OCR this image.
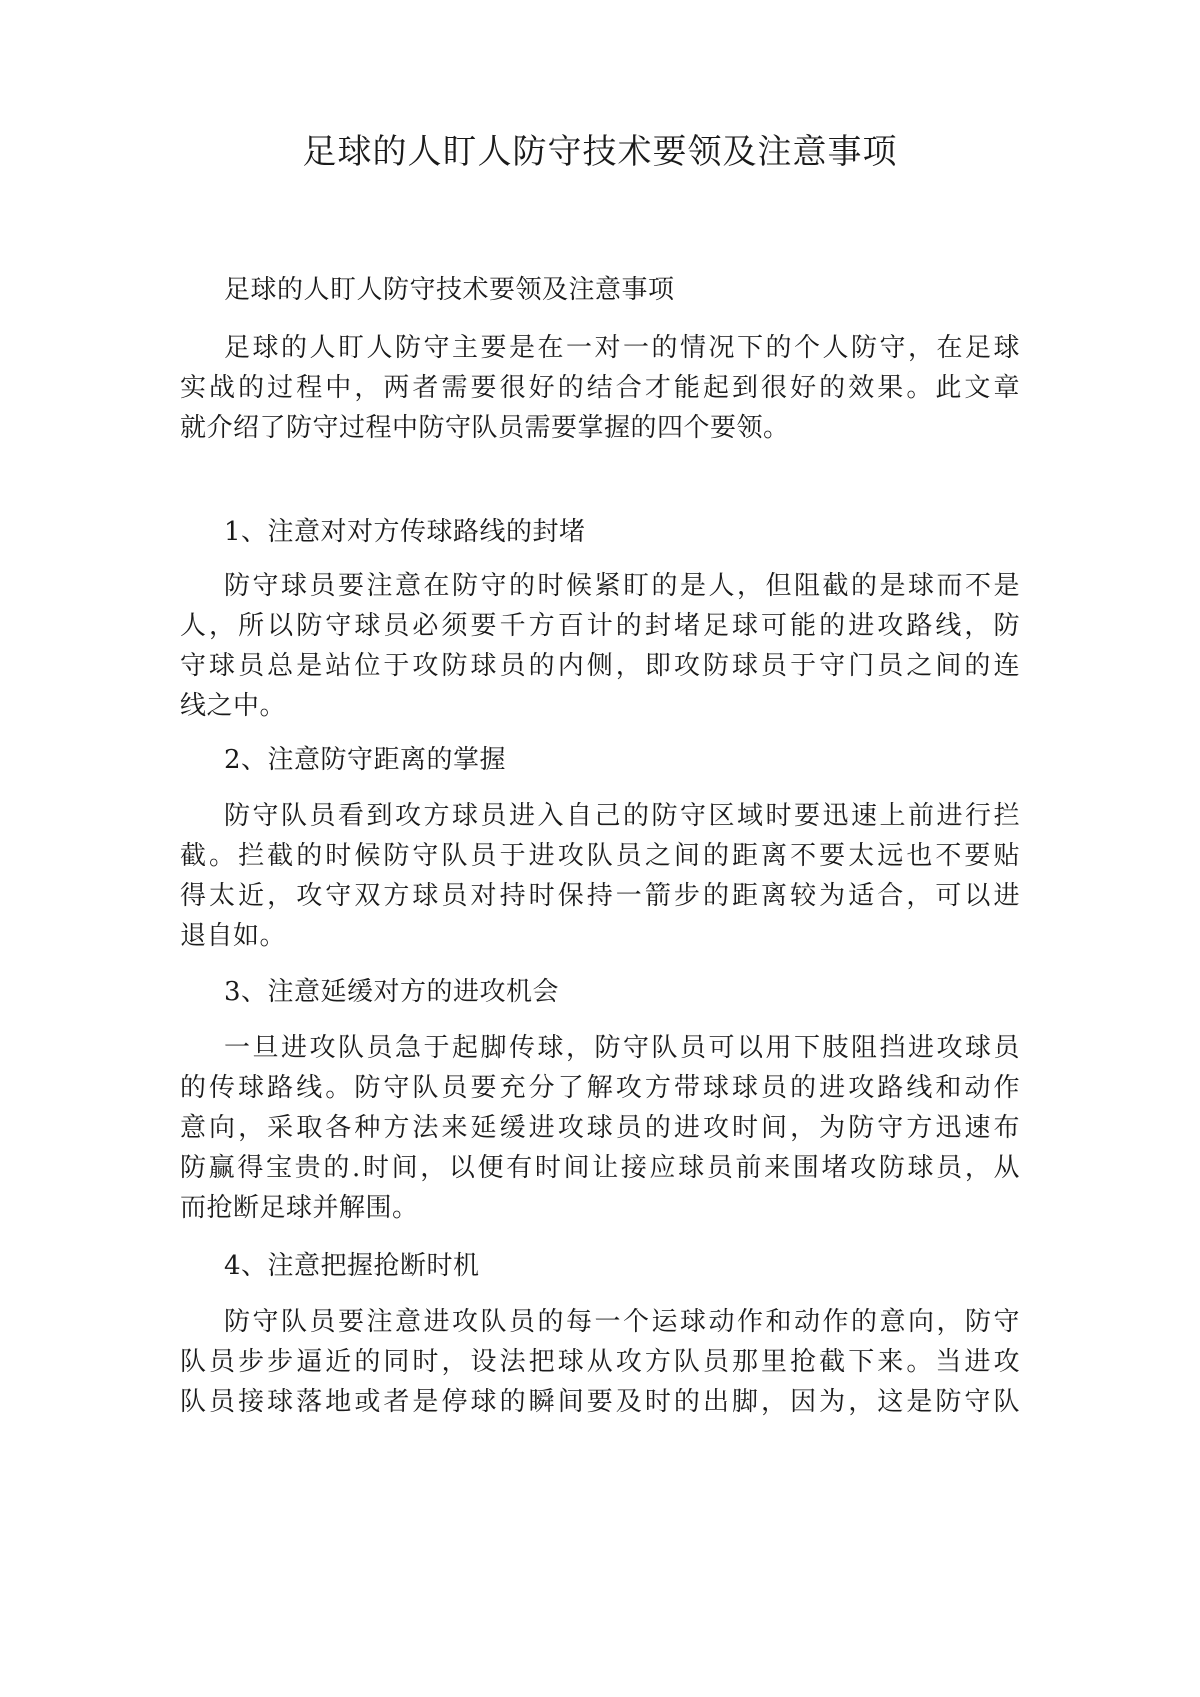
足球的人盯人防守技术要领及注意事项
足球的人盯人防守技术要领及注意事项
足球的人盯人防守主要是在一对一的情况下的个人防守，在足球
实战的过程中，两者需要很好的结合才能起到很好的效果。此文章
就介绍了防守过程中防守队员需要掌握的四个要领。
1、注意对对方传球路线的封堵
防守球员要注意在防守的时候紧盯的是人，但阻截的是球而不是
人，所以防守球员必须要千方百计的封堵足球可能的进攻路线，防
守球员总是站位于攻防球员的内侧，即攻防球员于守门员之间的连
线之中。
2、注意防守距离的掌握
防守队员看到攻方球员进入自己的防守区域时要迅速上前进行拦
截。拦截的时候防守队员于进攻队员之间的距离不要太远也不要贴
得太近，攻守双方球员对持时保持一箭步的距离较为适合，可以进
退自如。
3、注意延缓对方的进攻机会
一旦进攻队员急于起脚传球，防守队员可以用下肢阻挡进攻球员
的传球路线。防守队员要充分了解攻方带球球员的进攻路线和动作
意向，采取各种方法来延缓进攻球员的进攻时间，为防守方迅速布
防赢得宝贵的.时间，以便有时间让接应球员前来围堵攻防球员，从
而抢断足球并解围。
4、注意把握抢断时机
防守队员要注意进攻队员的每一个运球动作和动作的意向，防守
队员步步逼近的同时，设法把球从攻方队员那里抢截下来。当进攻
队员接球落地或者是停球的瞬间要及时的出脚，因为，这是防守队
